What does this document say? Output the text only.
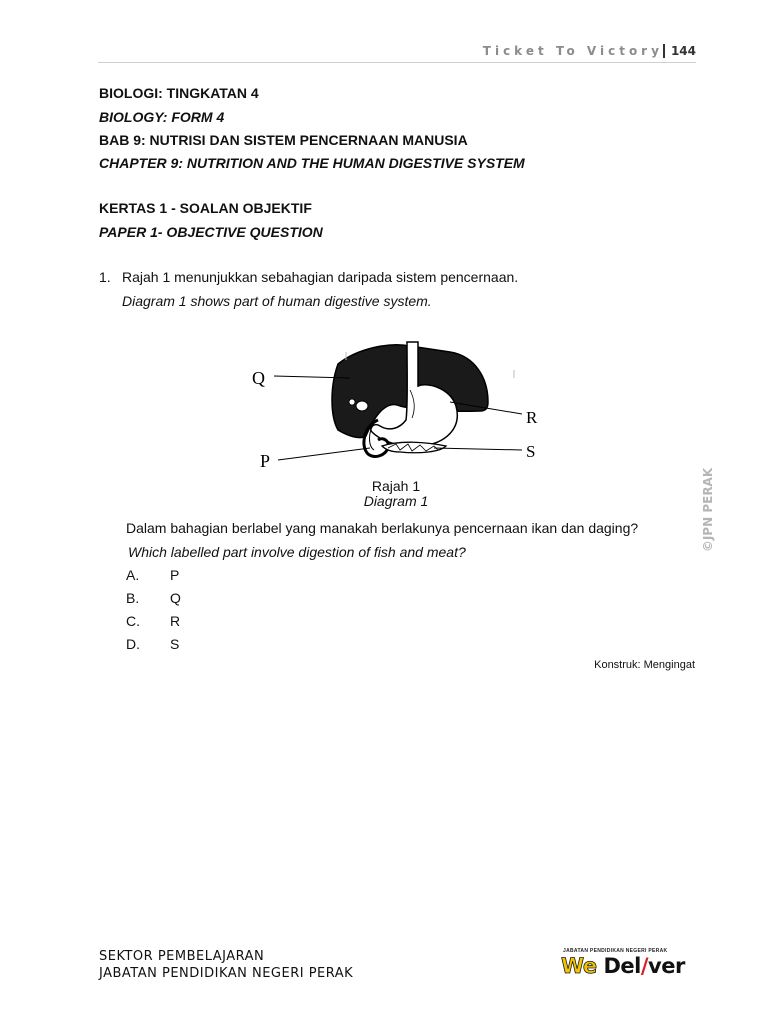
Ticket To Victory 144
BIOLOGI: TINGKATAN 4
BIOLOGY: FORM 4
BAB 9: NUTRISI DAN SISTEM PENCERNAAN MANUSIA
CHAPTER 9: NUTRITION AND THE HUMAN DIGESTIVE SYSTEM
KERTAS 1 - SOALAN OBJEKTIF
PAPER 1- OBJECTIVE QUESTION
1. Rajah 1 menunjukkan sebahagian daripada sistem pencernaan.
Diagram 1 shows part of human digestive system.
Q
P
R
S
Rajah 1
Diagram 1
Dalam bahagian berlabel yang manakah berlakunya pencernaan ikan dan daging?
Which labelled part involve digestion of fish and meat?
A. P
B. Q
C. R
D. S
Konstruk: Mengingat
©JPN PERAK
SEKTOR PEMBELAJARAN
JABATAN PENDIDIKAN NEGERI PERAK
JABATAN PENDIDIKAN NEGERI PERAK
We Del/ver
